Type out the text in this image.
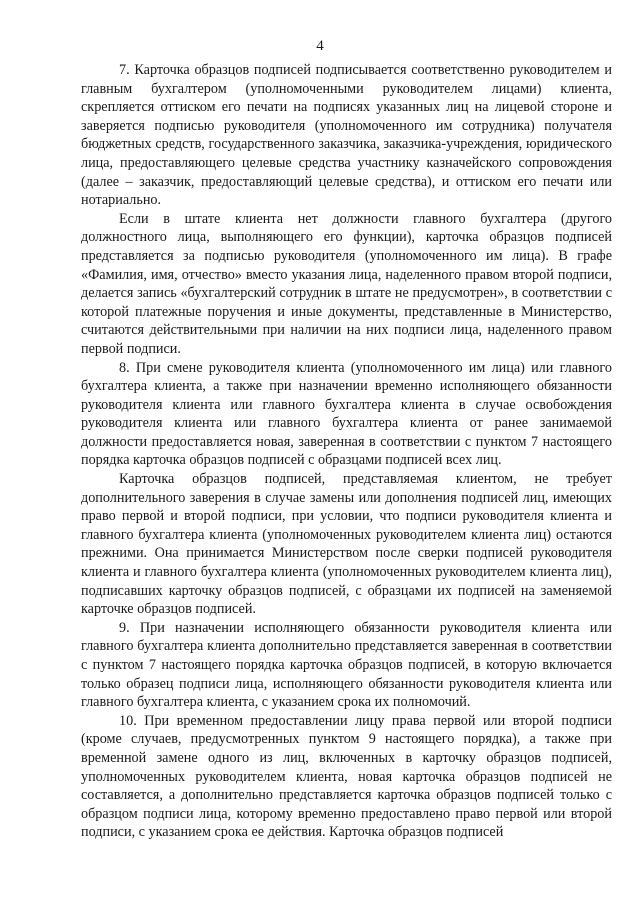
4

7. Карточка образцов подписей подписывается соответственно руководителем и главным бухгалтером (уполномоченными руководителем лицами) клиента, скрепляется оттиском его печати на подписях указанных лиц на лицевой стороне и заверяется подписью руководителя (уполномоченного им сотрудника) получателя бюджетных средств, государственного заказчика, заказчика-учреждения, юридического лица, предоставляющего целевые средства участнику казначейского сопровождения (далее – заказчик, предоставляющий целевые средства), и оттиском его печати или нотариально.

Если в штате клиента нет должности главного бухгалтера (другого должностного лица, выполняющего его функции), карточка образцов подписей представляется за подписью руководителя (уполномоченного им лица). В графе «Фамилия, имя, отчество» вместо указания лица, наделенного правом второй подписи, делается запись «бухгалтерский сотрудник в штате не предусмотрен», в соответствии с которой платежные поручения и иные документы, представленные в Министерство, считаются действительными при наличии на них подписи лица, наделенного правом первой подписи.

8. При смене руководителя клиента (уполномоченного им лица) или главного бухгалтера клиента, а также при назначении временно исполняющего обязанности руководителя клиента или главного бухгалтера клиента в случае освобождения руководителя клиента или главного бухгалтера клиента от ранее занимаемой должности предоставляется новая, заверенная в соответствии с пунктом 7 настоящего порядка карточка образцов подписей с образцами подписей всех лиц.

Карточка образцов подписей, представляемая клиентом, не требует дополнительного заверения в случае замены или дополнения подписей лиц, имеющих право первой и второй подписи, при условии, что подписи руководителя клиента и главного бухгалтера клиента (уполномоченных руководителем клиента лиц) остаются прежними. Она принимается Министерством после сверки подписей руководителя клиента и главного бухгалтера клиента (уполномоченных руководителем клиента лиц), подписавших карточку образцов подписей, с образцами их подписей на заменяемой карточке образцов подписей.

9. При назначении исполняющего обязанности руководителя клиента или главного бухгалтера клиента дополнительно представляется заверенная в соответствии с пунктом 7 настоящего порядка карточка образцов подписей, в которую включается только образец подписи лица, исполняющего обязанности руководителя клиента или главного бухгалтера клиента, с указанием срока их полномочий.

10. При временном предоставлении лицу права первой или второй подписи (кроме случаев, предусмотренных пунктом 9 настоящего порядка), а также при временной замене одного из лиц, включенных в карточку образцов подписей, уполномоченных руководителем клиента, новая карточка образцов подписей не составляется, а дополнительно представляется карточка образцов подписей только с образцом подписи лица, которому временно предоставлено право первой или второй подписи, с указанием срока ее действия. Карточка образцов подписей
